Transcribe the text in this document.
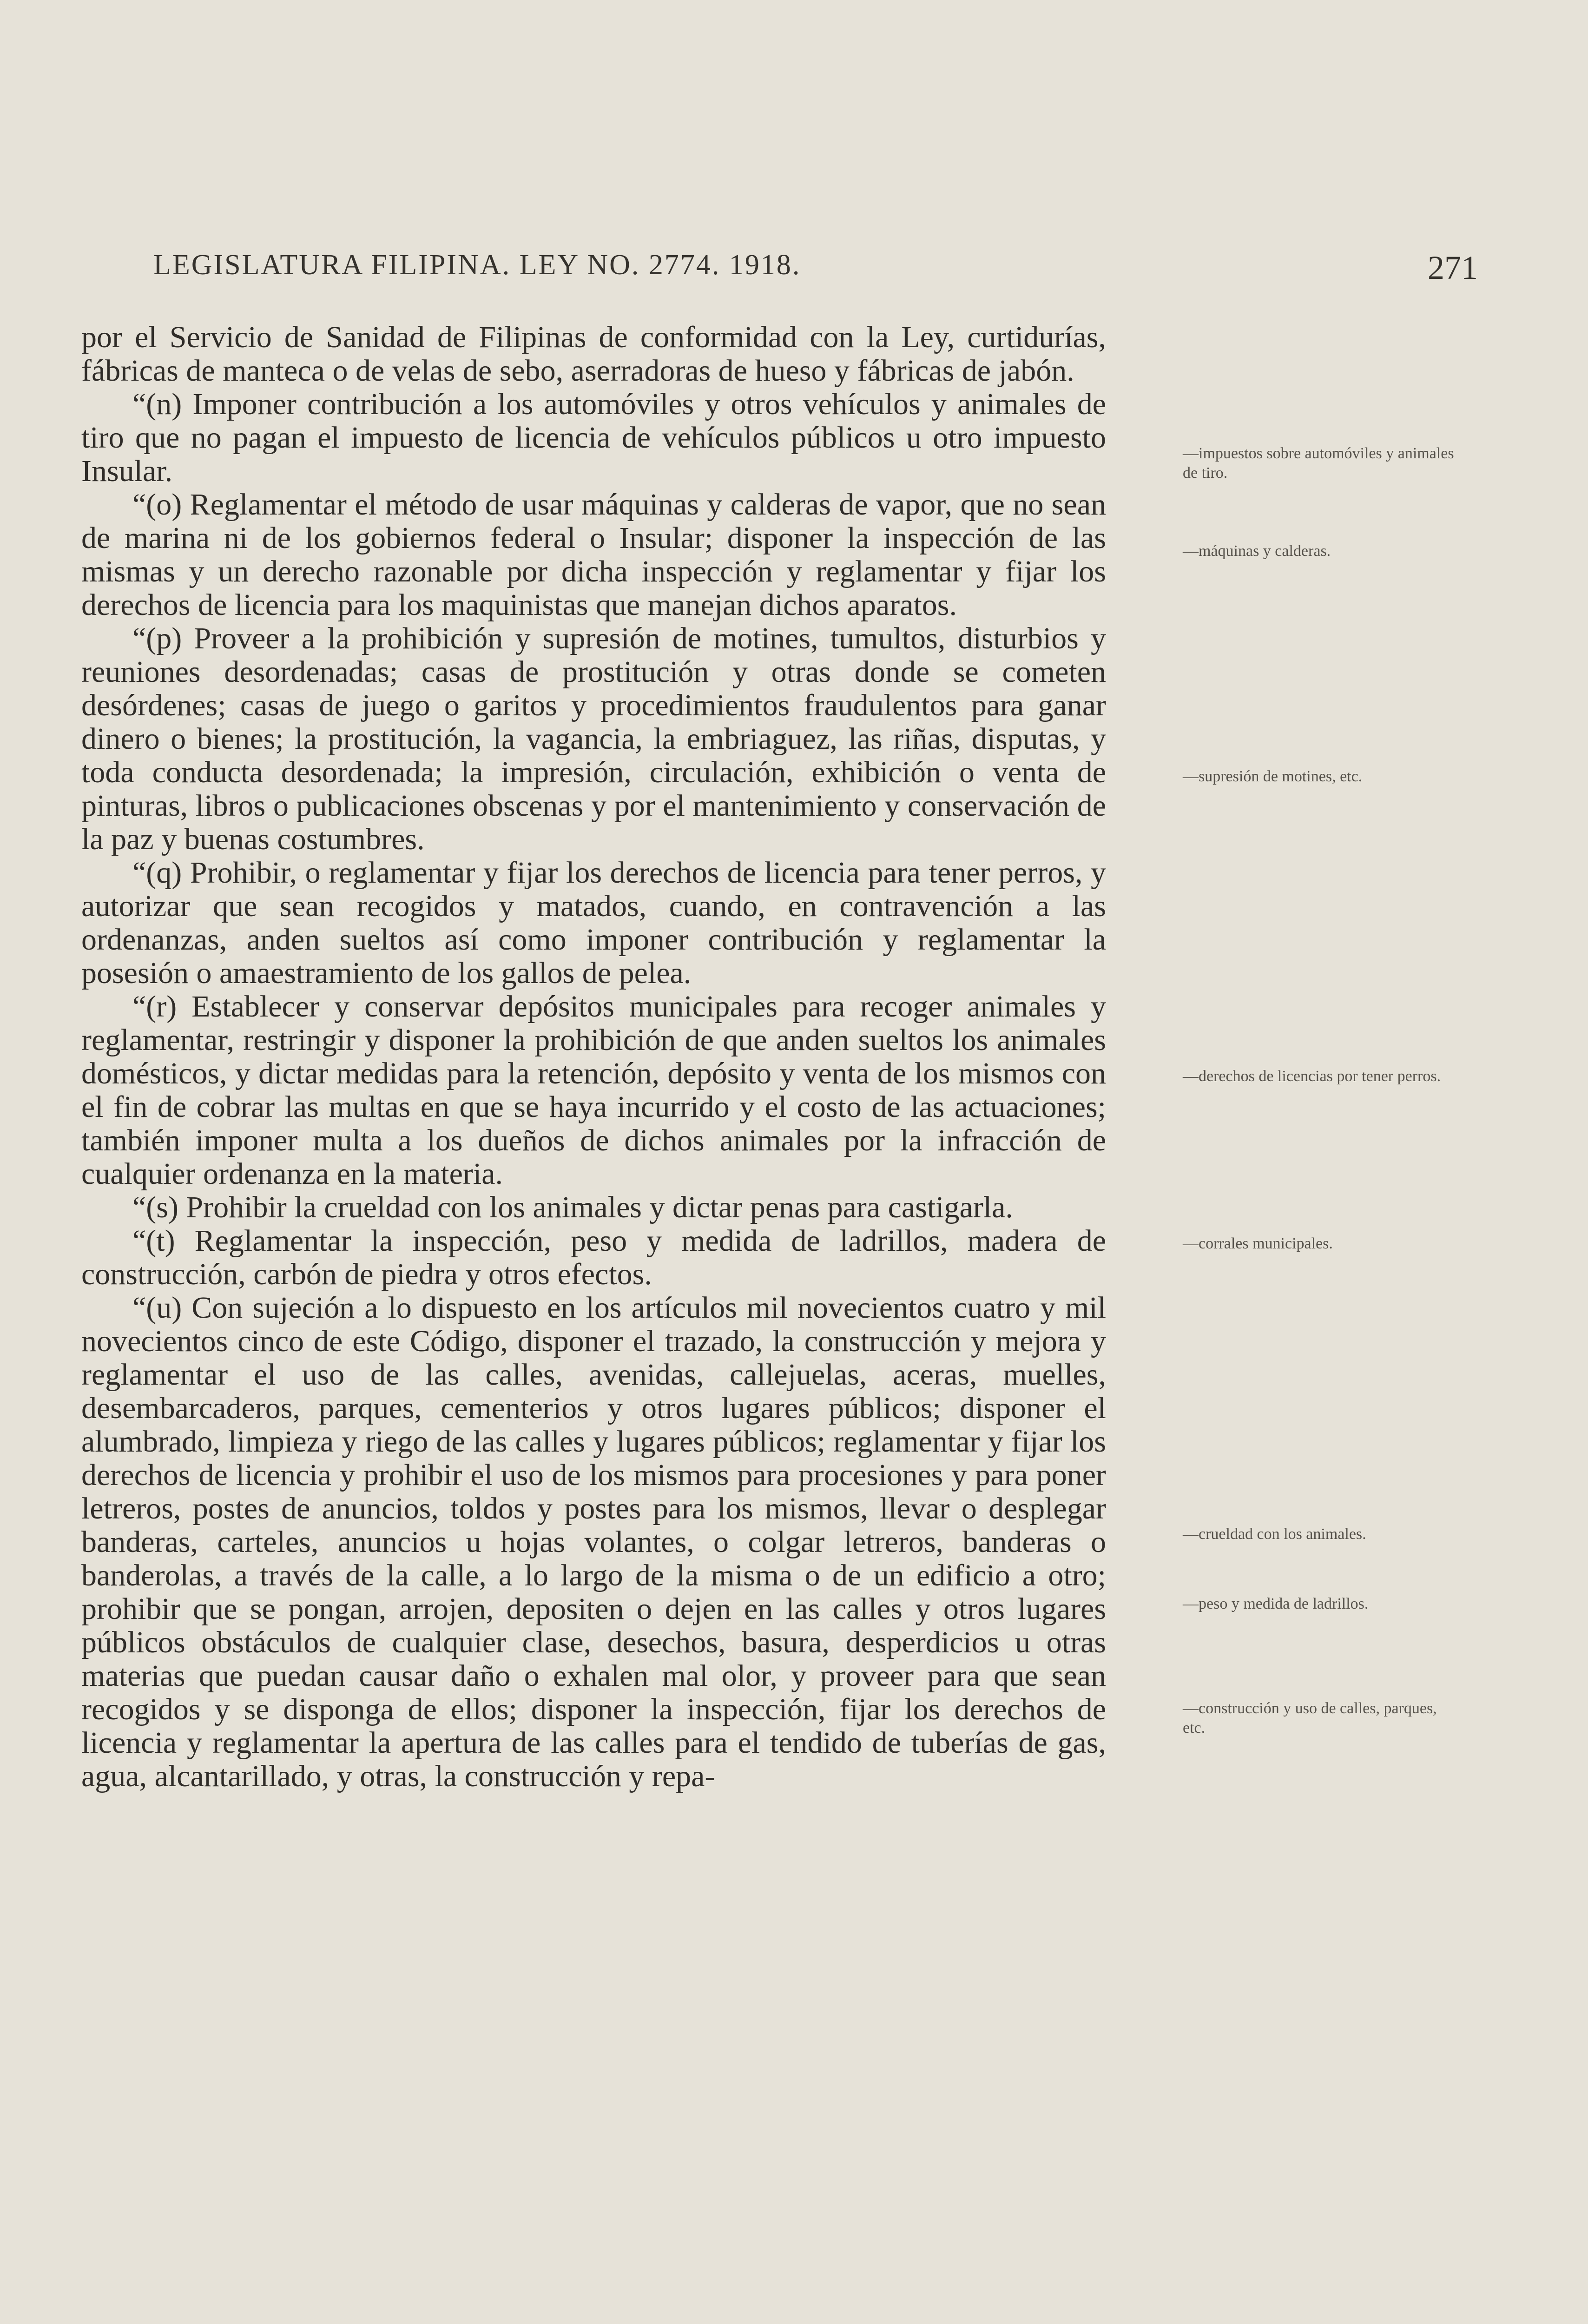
LEGISLATURA FILIPINA. LEY NO. 2774. 1918.	271

por el Servicio de Sanidad de Filipinas de conformidad con la Ley, curtidurías, fábricas de manteca o de velas de sebo, aserradoras de hueso y fábricas de jabón.

“(n) Imponer contribución a los automóviles y otros vehículos y animales de tiro que no pagan el impuesto de licencia de vehículos públicos u otro impuesto Insular.

“(o) Reglamentar el método de usar máquinas y calderas de vapor, que no sean de marina ni de los gobiernos federal o Insular; disponer la inspección de las mismas y un derecho razonable por dicha inspección y reglamentar y fijar los derechos de licencia para los maquinistas que manejan dichos aparatos.

“(p) Proveer a la prohibición y supresión de motines, tumultos, disturbios y reuniones desordenadas; casas de prostitución y otras donde se cometen desórdenes; casas de juego o garitos y procedimientos fraudulentos para ganar dinero o bienes; la prostitución, la vagancia, la embriaguez, las riñas, disputas, y toda conducta desordenada; la impresión, circulación, exhibición o venta de pinturas, libros o publicaciones obscenas y por el mantenimiento y conservación de la paz y buenas costumbres.

“(q) Prohibir, o reglamentar y fijar los derechos de licencia para tener perros, y autorizar que sean recogidos y matados, cuando, en contravención a las ordenanzas, anden sueltos así como imponer contribución y reglamentar la posesión o amaestramiento de los gallos de pelea.

“(r) Establecer y conservar depósitos municipales para recoger animales y reglamentar, restringir y disponer la prohibición de que anden sueltos los animales domésticos, y dictar medidas para la retención, depósito y venta de los mismos con el fin de cobrar las multas en que se haya incurrido y el costo de las actuaciones; también imponer multa a los dueños de dichos animales por la infracción de cualquier ordenanza en la materia.

“(s) Prohibir la crueldad con los animales y dictar penas para castigarla.

“(t) Reglamentar la inspección, peso y medida de ladrillos, madera de construcción, carbón de piedra y otros efectos.

“(u) Con sujeción a lo dispuesto en los artículos mil novecientos cuatro y mil novecientos cinco de este Código, disponer el trazado, la construcción y mejora y reglamentar el uso de las calles, avenidas, callejuelas, aceras, muelles, desembarcaderos, parques, cementerios y otros lugares públicos; disponer el alumbrado, limpieza y riego de las calles y lugares públicos; reglamentar y fijar los derechos de licencia y prohibir el uso de los mismos para procesiones y para poner letreros, postes de anuncios, toldos y postes para los mismos, llevar o desplegar banderas, carteles, anuncios u hojas volantes, o colgar letreros, banderas o banderolas, a través de la calle, a lo largo de la misma o de un edificio a otro; prohibir que se pongan, arrojen, depositen o dejen en las calles y otros lugares públicos obstáculos de cualquier clase, desechos, basura, desperdicios u otras materias que puedan causar daño o exhalen mal olor, y proveer para que sean recogidos y se disponga de ellos; disponer la inspección, fijar los derechos de licencia y reglamentar la apertura de las calles para el tendido de tuberías de gas, agua, alcantarillado, y otras, la construcción y repa-

—impuestos sobre automóviles y animales de tiro.
—máquinas y calderas.
—supresión de motines, etc.
—derechos de licencias por tener perros.
—corrales municipales.
—crueldad con los animales.
—peso y medida de ladrillos.
—construcción y uso de calles, parques, etc.
